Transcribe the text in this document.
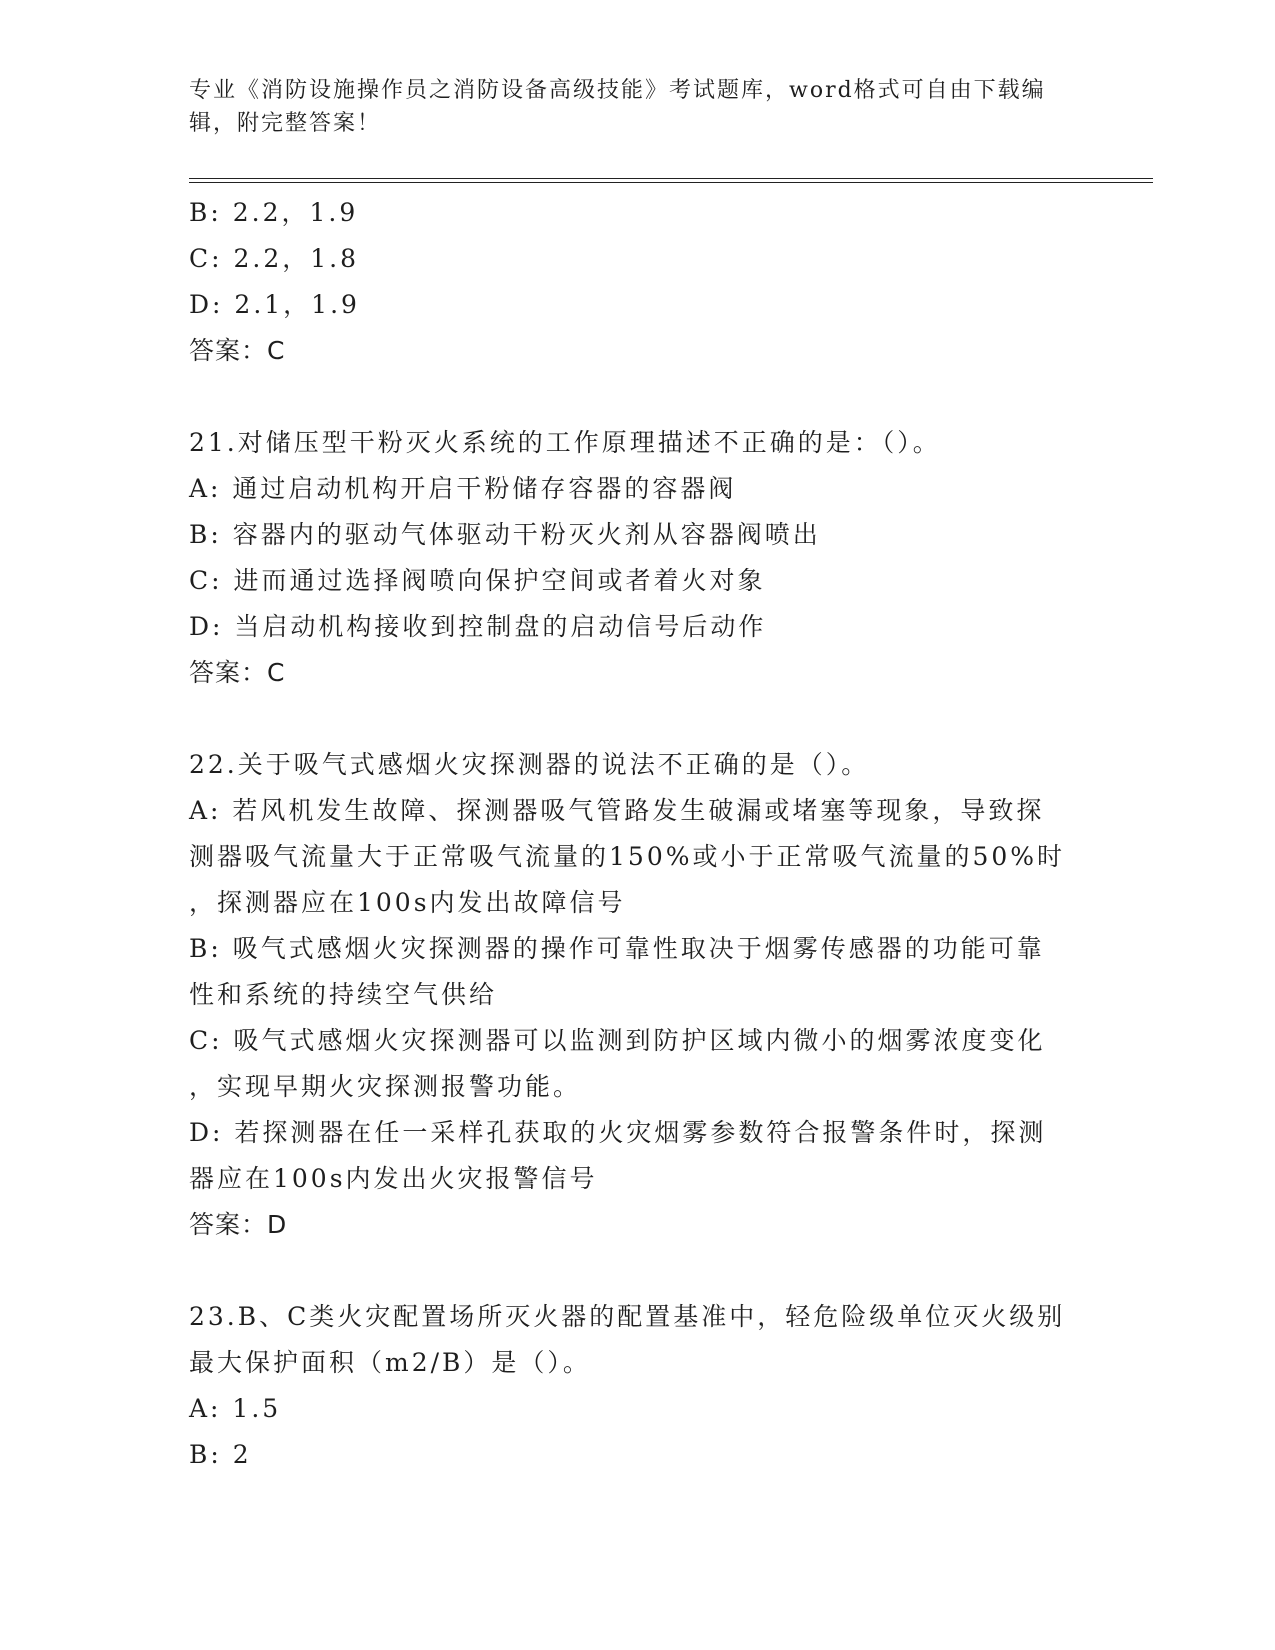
专业《消防设施操作员之消防设备高级技能》考试题库，word格式可自由下载编
辑，附完整答案！
B: 2.2，1.9
C: 2.2，1.8
D: 2.1，1.9
答案：C
21.对储压型干粉灭火系统的工作原理描述不正确的是：（）。
A: 通过启动机构开启干粉储存容器的容器阀
B: 容器内的驱动气体驱动干粉灭火剂从容器阀喷出
C: 进而通过选择阀喷向保护空间或者着火对象
D: 当启动机构接收到控制盘的启动信号后动作
答案：C
22.关于吸气式感烟火灾探测器的说法不正确的是（）。
A: 若风机发生故障、探测器吸气管路发生破漏或堵塞等现象，导致探
测器吸气流量大于正常吸气流量的150%或小于正常吸气流量的50%时
，探测器应在100s内发出故障信号
B: 吸气式感烟火灾探测器的操作可靠性取决于烟雾传感器的功能可靠
性和系统的持续空气供给
C: 吸气式感烟火灾探测器可以监测到防护区域内微小的烟雾浓度变化
，实现早期火灾探测报警功能。
D: 若探测器在任一采样孔获取的火灾烟雾参数符合报警条件时，探测
器应在100s内发出火灾报警信号
答案：D
23.B、C类火灾配置场所灭火器的配置基准中，轻危险级单位灭火级别
最大保护面积（m2/B）是（）。
A: 1.5
B: 2
